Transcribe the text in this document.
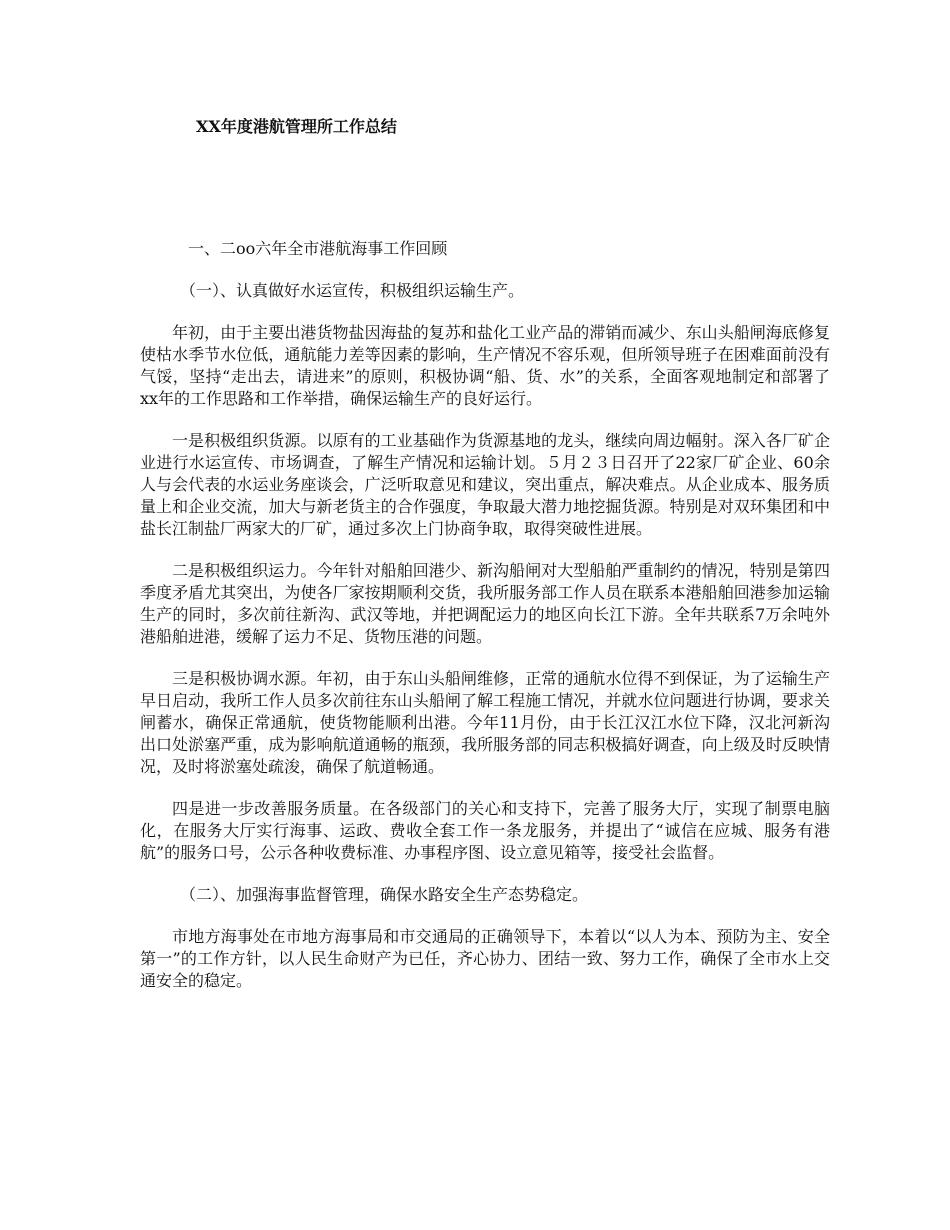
XX年度港航管理所工作总结

一、二oo六年全市港航海事工作回顾

（一）、认真做好水运宣传，积极组织运输生产。

年初，由于主要出港货物盐因海盐的复苏和盐化工业产品的滞销而减少、东山头船闸海底修复使枯水季节水位低，通航能力差等因素的影响，生产情况不容乐观，但所领导班子在困难面前没有气馁，坚持“走出去，请进来”的原则，积极协调“船、货、水”的关系，全面客观地制定和部署了xx年的工作思路和工作举措，确保运输生产的良好运行。

一是积极组织货源。以原有的工业基础作为货源基地的龙头，继续向周边幅射。深入各厂矿企业进行水运宣传、市场调查，了解生产情况和运输计划。５月２３日召开了22家厂矿企业、60余人与会代表的水运业务座谈会，广泛听取意见和建议，突出重点，解决难点。从企业成本、服务质量上和企业交流，加大与新老货主的合作强度，争取最大潜力地挖掘货源。特别是对双环集团和中盐长江制盐厂两家大的厂矿，通过多次上门协商争取，取得突破性进展。

二是积极组织运力。今年针对船舶回港少、新沟船闸对大型船舶严重制约的情况，特别是第四季度矛盾尤其突出，为使各厂家按期顺利交货，我所服务部工作人员在联系本港船舶回港参加运输生产的同时，多次前往新沟、武汉等地，并把调配运力的地区向长江下游。全年共联系7万余吨外港船舶进港，缓解了运力不足、货物压港的问题。

三是积极协调水源。年初，由于东山头船闸维修，正常的通航水位得不到保证，为了运输生产早日启动，我所工作人员多次前往东山头船闸了解工程施工情况，并就水位问题进行协调，要求关闸蓄水，确保正常通航，使货物能顺利出港。今年11月份，由于长江汉江水位下降，汉北河新沟出口处淤塞严重，成为影响航道通畅的瓶颈，我所服务部的同志积极搞好调查，向上级及时反映情况，及时将淤塞处疏浚，确保了航道畅通。

四是进一步改善服务质量。在各级部门的关心和支持下，完善了服务大厅，实现了制票电脑化，在服务大厅实行海事、运政、费收全套工作一条龙服务，并提出了“诚信在应城、服务有港航”的服务口号，公示各种收费标准、办事程序图、设立意见箱等，接受社会监督。

（二）、加强海事监督管理，确保水路安全生产态势稳定。

市地方海事处在市地方海事局和市交通局的正确领导下，本着以“以人为本、预防为主、安全第一”的工作方针，以人民生命财产为已任，齐心协力、团结一致、努力工作，确保了全市水上交通安全的稳定。
